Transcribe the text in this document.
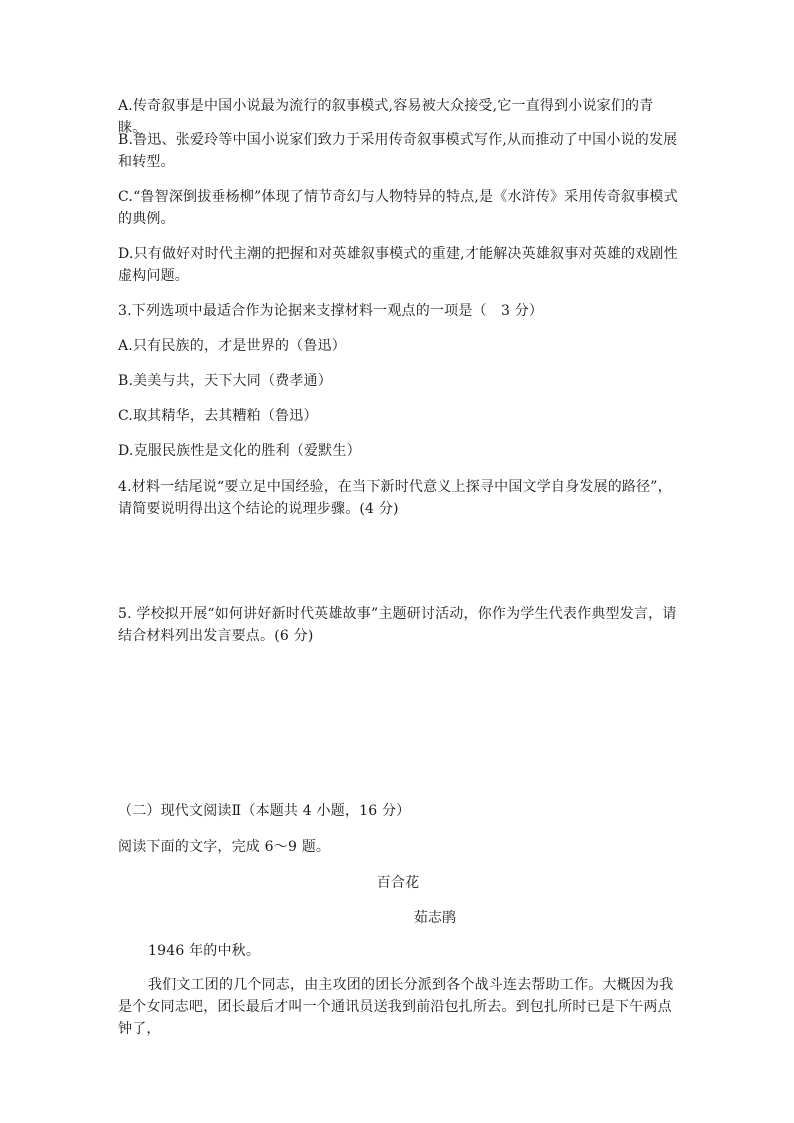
A.传奇叙事是中国小说最为流行的叙事模式,容易被大众接受,它一直得到小说家们的青睐。
B.鲁迅、张爱玲等中国小说家们致力于采用传奇叙事模式写作,从而推动了中国小说的发展和转型。
C.“鲁智深倒拔垂杨柳”体现了情节奇幻与人物特异的特点,是《水浒传》采用传奇叙事模式的典例。
D.只有做好对时代主潮的把握和对英雄叙事模式的重建,才能解决英雄叙事对英雄的戏剧性虚构问题。
3.下列选项中最适合作为论据来支撑材料一观点的一项是（　3 分）
A.只有民族的，才是世界的（鲁迅）
B.美美与共，天下大同（费孝通）
C.取其精华，去其糟粕（鲁迅）
D.克服民族性是文化的胜利（爱默生）
4.材料一结尾说“要立足中国经验，在当下新时代意义上探寻中国文学自身发展的路径”，请简要说明得出这个结论的说理步骤。(4 分)
5. 学校拟开展“如何讲好新时代英雄故事”主题研讨活动，你作为学生代表作典型发言，请结合材料列出发言要点。(6 分)
（二）现代文阅读Ⅱ（本题共 4 小题，16 分）
阅读下面的文字，完成 6～9 题。
百合花
茹志鹃
1946 年的中秋。
我们文工团的几个同志，由主攻团的团长分派到各个战斗连去帮助工作。大概因为我是个女同志吧，团长最后才叫一个通讯员送我到前沿包扎所去。到包扎所时已是下午两点钟了，
